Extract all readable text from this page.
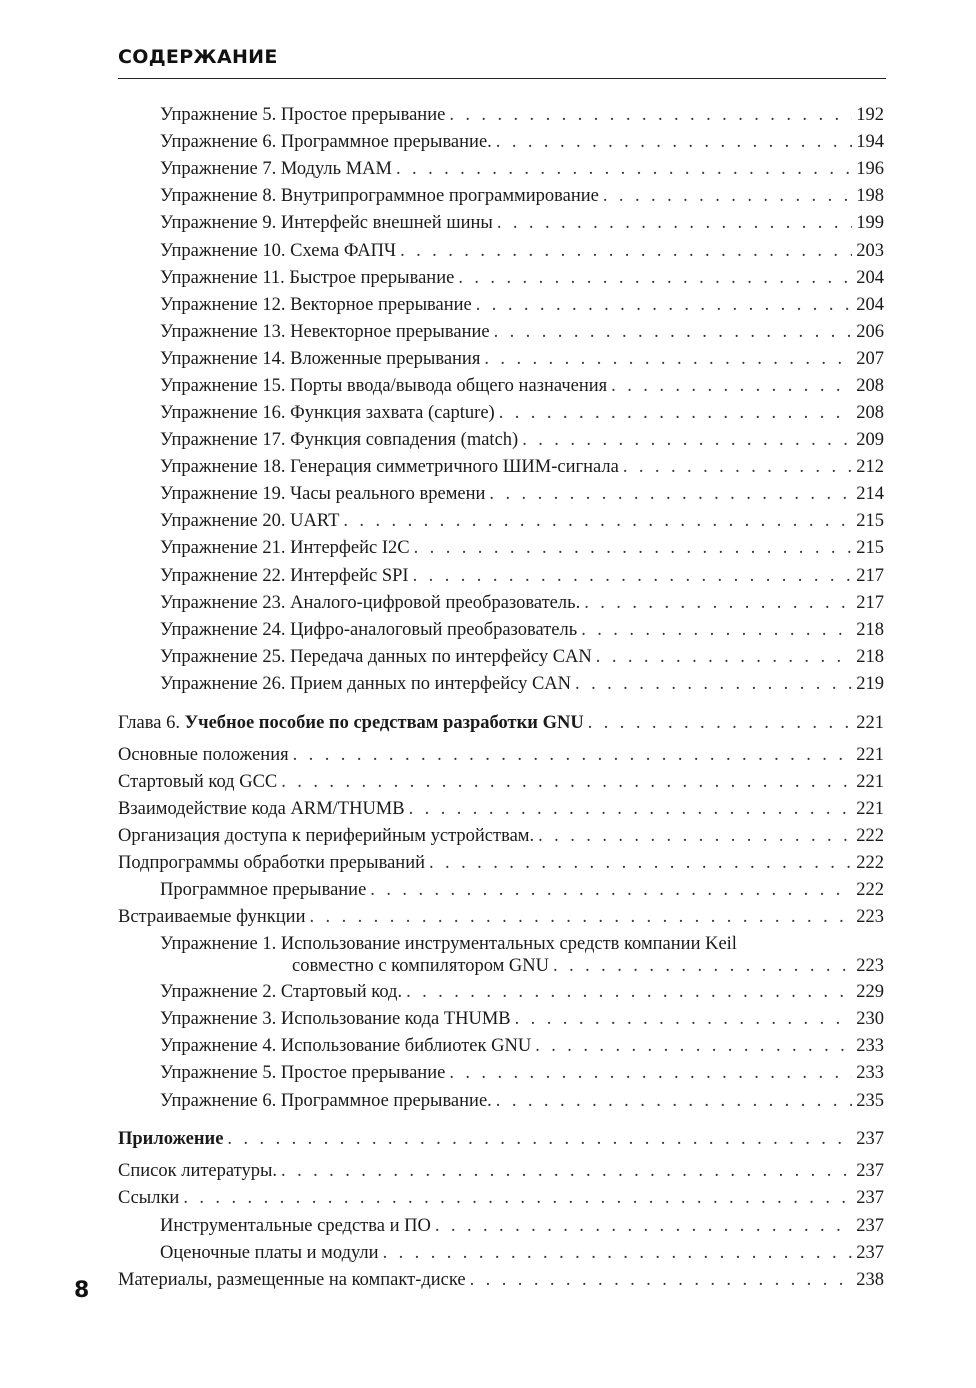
СОДЕРЖАНИЕ
Упражнение 5. Простое прерывание . . .	192
Упражнение 6. Программное прерывание. . . .	194
Упражнение 7. Модуль МАМ . . .	196
Упражнение 8. Внутрипрограммное программирование . . .	198
Упражнение 9. Интерфейс внешней шины . . .	199
Упражнение 10. Схема ФАПЧ . . .	203
Упражнение 11. Быстрое прерывание . . .	204
Упражнение 12. Векторное прерывание . . .	204
Упражнение 13. Невекторное прерывание . . .	206
Упражнение 14. Вложенные прерывания . . .	207
Упражнение 15. Порты ввода/вывода общего назначения . . .	208
Упражнение 16. Функция захвата (capture) . . .	208
Упражнение 17. Функция совпадения (match) . . .	209
Упражнение 18. Генерация симметричного ШИМ-сигнала . . .	212
Упражнение 19. Часы реального времени . . .	214
Упражнение 20. UART . . .	215
Упражнение 21. Интерфейс I2C . . .	215
Упражнение 22. Интерфейс SPI . . .	217
Упражнение 23. Аналого-цифровой преобразователь. . . .	217
Упражнение 24. Цифро-аналоговый преобразователь . . .	218
Упражнение 25. Передача данных по интерфейсу CAN . . .	218
Упражнение 26. Прием данных по интерфейсу CAN . . .	219
Глава 6. Учебное пособие по средствам разработки GNU . . .	221
Основные положения . . .	221
Стартовый код GCC . . .	221
Взаимодействие кода ARM/THUMB . . .	221
Организация доступа к периферийным устройствам. . . .	222
Подпрограммы обработки прерываний . . .	222
Программное прерывание . . .	222
Встраиваемые функции . . .	223
Упражнение 1. Использование инструментальных средств компании Keil
совместно с компилятором GNU . . .	223
Упражнение 2. Стартовый код. . . .	229
Упражнение 3. Использование кода THUMB . . .	230
Упражнение 4. Использование библиотек GNU . . .	233
Упражнение 5. Простое прерывание . . .	233
Упражнение 6. Программное прерывание. . . .	235
Приложение . . .	237
Список литературы. . . .	237
Ссылки . . .	237
Инструментальные средства и ПО . . .	237
Оценочные платы и модули . . .	237
Материалы, размещенные на компакт-диске . . .	238
8
